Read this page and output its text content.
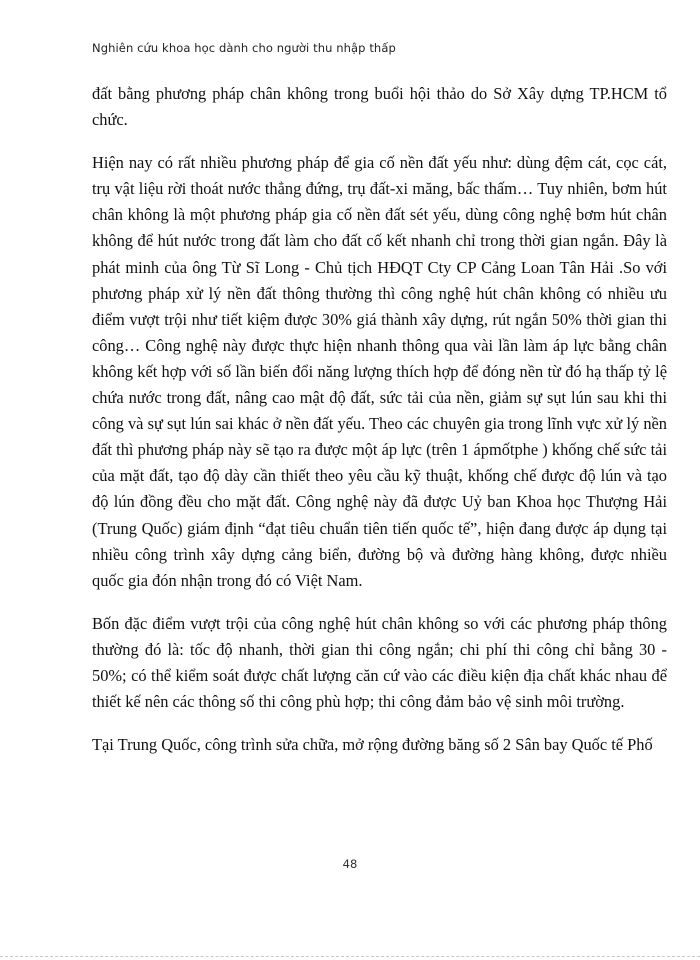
Nghiên cứu khoa học dành cho người thu nhập thấp

đất bằng phương pháp chân không trong buổi hội thảo do Sở Xây dựng TP.HCM tổ chức.

Hiện nay có rất nhiều phương pháp để gia cố nền đất yếu như: dùng đệm cát, cọc cát, trụ vật liệu rời thoát nước thẳng đứng, trụ đất-xi măng, bấc thấm… Tuy nhiên, bơm hút chân không là một phương pháp gia cố nền đất sét yếu, dùng công nghệ bơm hút chân không để hút nước trong đất làm cho đất cố kết nhanh chỉ trong thời gian ngắn. Đây là phát minh của ông Từ Sĩ Long - Chủ tịch HĐQT Cty CP Cảng Loan Tân Hải .So với phương pháp xử lý nền đất thông thường thì công nghệ hút chân không có nhiều ưu điểm vượt trội như tiết kiệm được 30% giá thành xây dựng, rút ngắn 50% thời gian thi công… Công nghệ này được thực hiện nhanh thông qua vài lần làm áp lực bằng chân không kết hợp với số lần biến đổi năng lượng thích hợp để đóng nền từ đó hạ thấp tỷ lệ chứa nước trong đất, nâng cao mật độ đất, sức tải của nền, giảm sự sụt lún sau khi thi công và sự sụt lún sai khác ở nền đất yếu. Theo các chuyên gia trong lĩnh vực xử lý nền đất thì phương pháp này sẽ tạo ra được một áp lực (trên 1 ápmốtphe ) khống chế sức tải của mặt đất, tạo độ dày cần thiết theo yêu cầu kỹ thuật, khống chế được độ lún và tạo độ lún đồng đều cho mặt đất. Công nghệ này đã được Uỷ ban Khoa học Thượng Hải (Trung Quốc) giám định “đạt tiêu chuẩn tiên tiến quốc tế”, hiện đang được áp dụng tại nhiều công trình xây dựng cảng biển, đường bộ và đường hàng không, được nhiều quốc gia đón nhận trong đó có Việt Nam.

Bốn đặc điểm vượt trội của công nghệ hút chân không so với các phương pháp thông thường đó là: tốc độ nhanh, thời gian thi công ngắn; chi phí thi công chỉ bằng 30 - 50%; có thể kiểm soát được chất lượng căn cứ vào các điều kiện địa chất khác nhau để thiết kế nên các thông số thi công phù hợp; thi công đảm bảo vệ sinh môi trường.

Tại Trung Quốc, công trình sửa chữa, mở rộng đường băng số 2 Sân bay Quốc tế Phố

48
